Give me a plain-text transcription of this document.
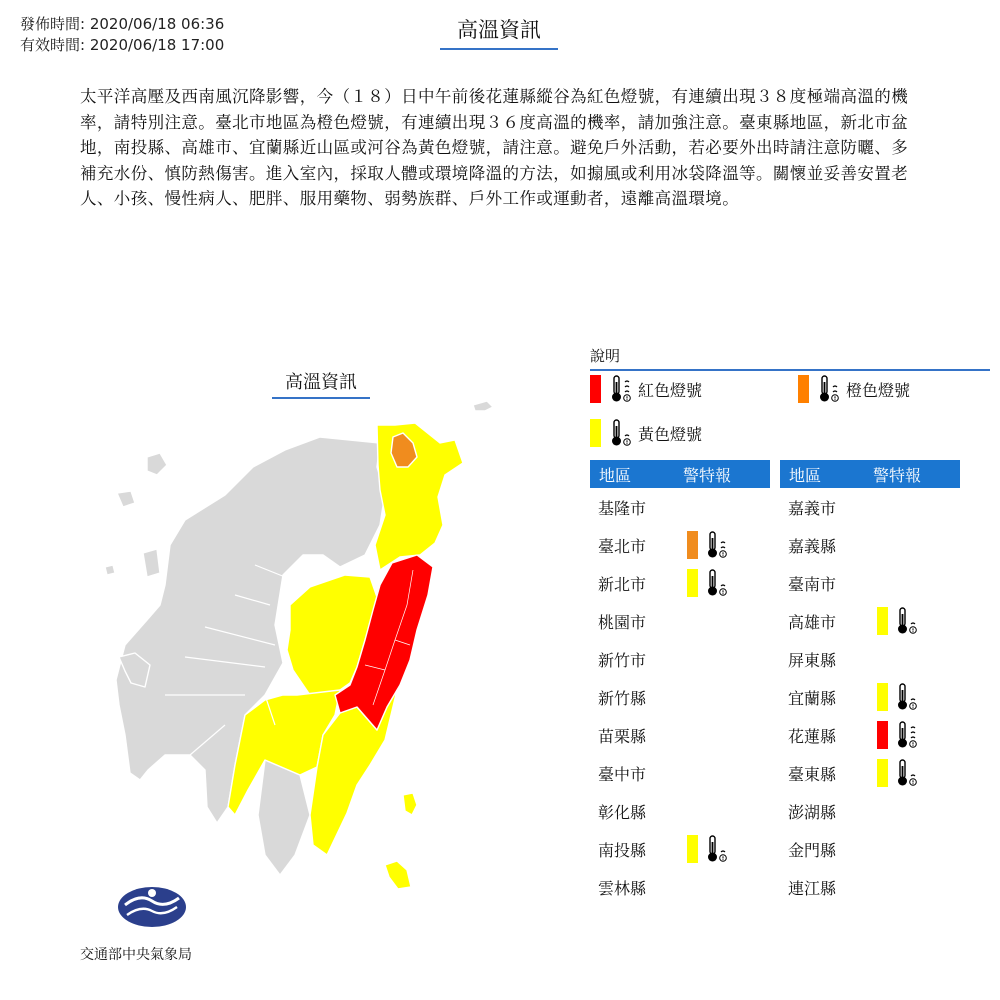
發佈時間: 2020/06/18 06:36
有效時間: 2020/06/18 17:00
高溫資訊

太平洋高壓及西南風沉降影響，今（１８）日中午前後花蓮縣縱谷為紅色燈號，有連續出現３８度極端高溫的機率，請特別注意。臺北市地區為橙色燈號，有連續出現３６度高溫的機率，請加強注意。臺東縣地區，新北市盆地，南投縣、高雄市、宜蘭縣近山區或河谷為黃色燈號，請注意。避免戶外活動，若必要外出時請注意防曬、多補充水份、慎防熱傷害。進入室內，採取人體或環境降溫的方法，如搧風或利用冰袋降溫等。關懷並妥善安置老人、小孩、慢性病人、肥胖、服用藥物、弱勢族群、戶外工作或運動者，遠離高溫環境。

高溫資訊
交通部中央氣象局
說明
紅色燈號	橙色燈號
黃色燈號
地區	警特報
基隆市
臺北市
新北市
桃園市
新竹市
新竹縣
苗栗縣
臺中市
彰化縣
南投縣
雲林縣
地區	警特報
嘉義市
嘉義縣
臺南市
高雄市
屏東縣
宜蘭縣
花蓮縣
臺東縣
澎湖縣
金門縣
連江縣
